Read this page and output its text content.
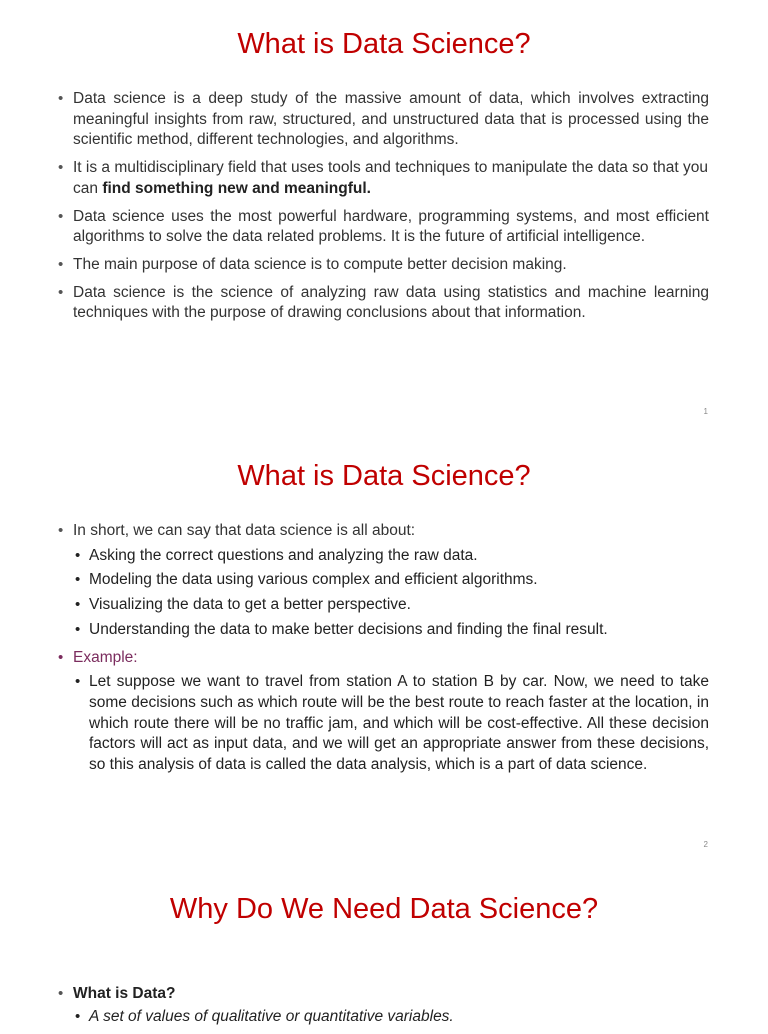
What is Data Science?
• Data science is a deep study of the massive amount of data, which involves extracting meaningful insights from raw, structured, and unstructured data that is processed using the scientific method, different technologies, and algorithms.
• It is a multidisciplinary field that uses tools and techniques to manipulate the data so that you can find something new and meaningful.
• Data science uses the most powerful hardware, programming systems, and most efficient algorithms to solve the data related problems. It is the future of artificial intelligence.
• The main purpose of data science is to compute better decision making.
• Data science is the science of analyzing raw data using statistics and machine learning techniques with the purpose of drawing conclusions about that information.
1
What is Data Science?
• In short, we can say that data science is all about:
• Asking the correct questions and analyzing the raw data.
• Modeling the data using various complex and efficient algorithms.
• Visualizing the data to get a better perspective.
• Understanding the data to make better decisions and finding the final result.
• Example:
• Let suppose we want to travel from station A to station B by car. Now, we need to take some decisions such as which route will be the best route to reach faster at the location, in which route there will be no traffic jam, and which will be cost-effective. All these decision factors will act as input data, and we will get an appropriate answer from these decisions, so this analysis of data is called the data analysis, which is a part of data science.
2
Why Do We Need Data Science?
• What is Data?
• A set of values of qualitative or quantitative variables.
